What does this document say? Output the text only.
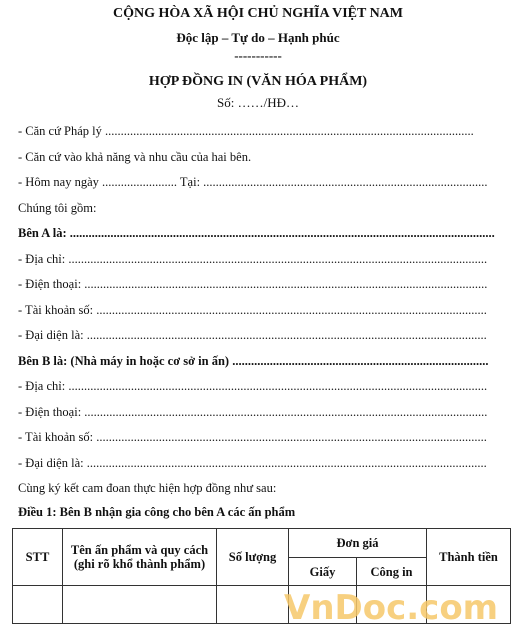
CỘNG HÒA XÃ HỘI CHỦ NGHĨA VIỆT NAM
Độc lập – Tự do – Hạnh phúc
-----------
HỢP ĐỒNG IN (VĂN HÓA PHẨM)
Số: ……/HĐ…
- Căn cứ Pháp lý ......................................................................................................................
- Căn cứ vào khả năng và nhu cầu của hai bên.
- Hôm nay ngày ........................ Tại: ...........................................................................................
Chúng tôi gồm:
Bên A là: ........................................................................................................................................
- Địa chỉ: ......................................................................................................................................
- Điện thoại: .................................................................................................................................
- Tài khoản số: .............................................................................................................................
- Đại diện là: ................................................................................................................................
Bên B là: (Nhà máy in hoặc cơ sở in ấn) ..................................................................................
- Địa chỉ: ......................................................................................................................................
- Điện thoại: .................................................................................................................................
- Tài khoản số: .............................................................................................................................
- Đại diện là: ................................................................................................................................
Cùng ký kết cam đoan thực hiện hợp đồng như sau:
Điều 1: Bên B nhận gia công cho bên A các ấn phẩm
STT	Tên ấn phẩm và quy cách (ghi rõ khổ thành phẩm)	Số lượng	Đơn giá		Thành tiền
			Giấy	Công in	

VnDoc.com
